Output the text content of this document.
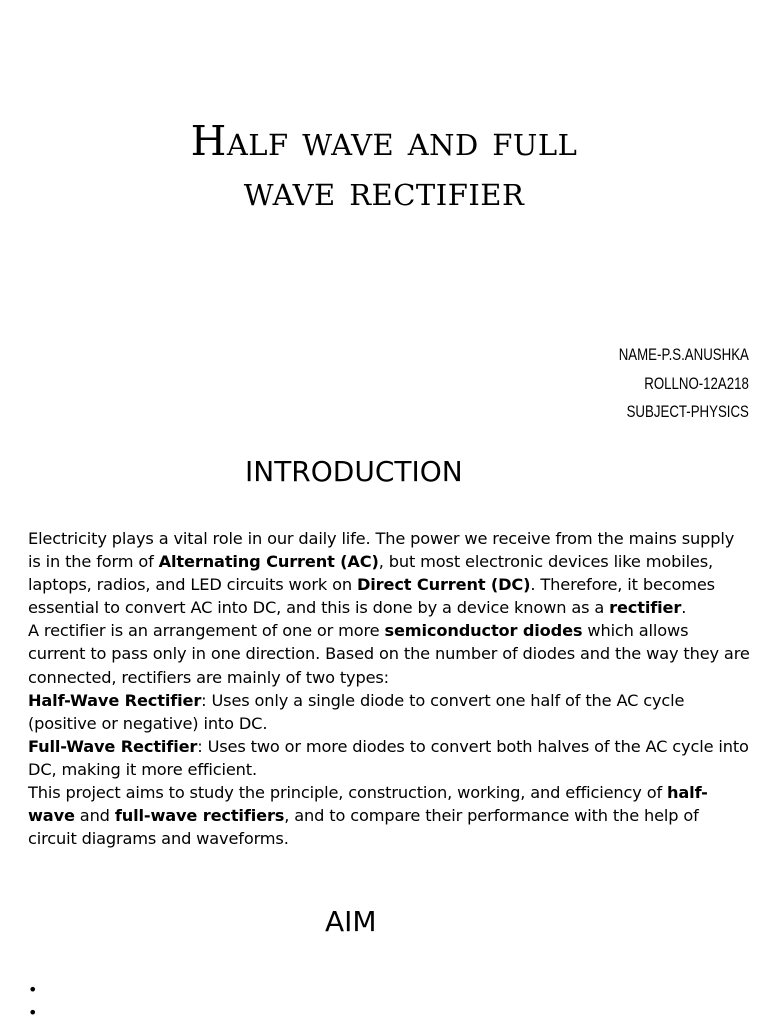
Half wave and full
wave rectifier
NAME-P.S.ANUSHKA
ROLLNO-12A218
SUBJECT-PHYSICS
INTRODUCTION

Electricity plays a vital role in our daily life. The power we receive from the mains supply is in the form of Alternating Current (AC), but most electronic devices like mobiles, laptops, radios, and LED circuits work on Direct Current (DC). Therefore, it becomes essential to convert AC into DC, and this is done by a device known as a rectifier.

A rectifier is an arrangement of one or more semiconductor diodes which allows current to pass only in one direction. Based on the number of diodes and the way they are connected, rectifiers are mainly of two types:

Half-Wave Rectifier: Uses only a single diode to convert one half of the AC cycle (positive or negative) into DC.

Full-Wave Rectifier: Uses two or more diodes to convert both halves of the AC cycle into DC, making it more efficient.

This project aims to study the principle, construction, working, and efficiency of half-wave and full-wave rectifiers, and to compare their performance with the help of circuit diagrams and waveforms.

AIM
•
•
